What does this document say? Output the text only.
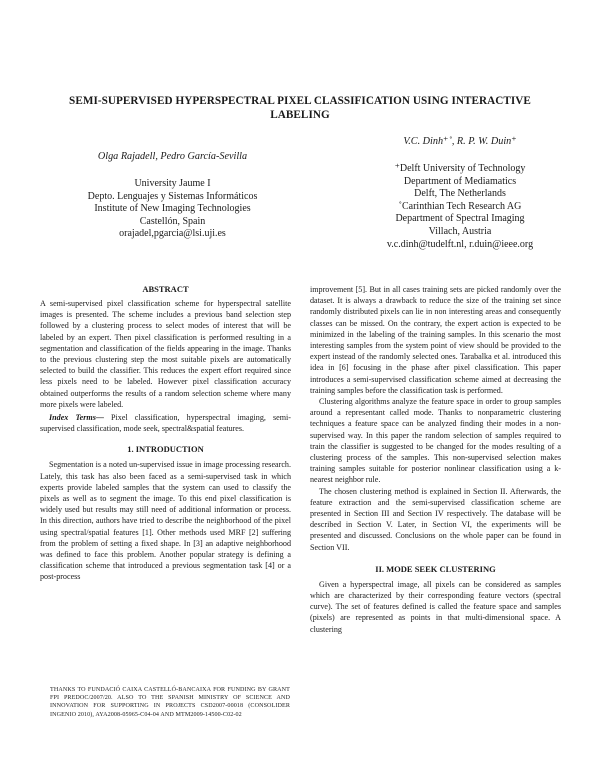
SEMI-SUPERVISED HYPERSPECTRAL PIXEL CLASSIFICATION USING INTERACTIVE LABELING
Olga Rajadell, Pedro García-Sevilla
University Jaume I
Depto. Lenguajes y Sistemas Informáticos
Institute of New Imaging Technologies
Castellón, Spain
orajadel,pgarcia@lsi.uji.es
V.C. Dinh⁺˚, R. P. W. Duin⁺
⁺Delft University of Technology
Department of Mediamatics
Delft, The Netherlands
˚Carinthian Tech Research AG
Department of Spectral Imaging
Villach, Austria
v.c.dinh@tudelft.nl, r.duin@ieee.org
ABSTRACT

A semi-supervised pixel classification scheme for hyperspectral satellite images is presented. The scheme includes a previous band selection step followed by a clustering process to select modes of interest that will be labeled by an expert. Then pixel classification is performed resulting in a segmentation and classification of the fields appearing in the image. Thanks to the previous clustering step the most suitable pixels are automatically selected to build the classifier. This reduces the expert effort required since less pixels need to be labeled. However pixel classification accuracy obtained outperforms the results of a random selection scheme where many more pixels were labeled.

Index Terms— Pixel classification, hyperspectral imaging, semi-supervised classification, mode seek, spectral&spatial features.

1. INTRODUCTION

Segmentation is a noted un-supervised issue in image processing research. Lately, this task has also been faced as a semi-supervised task in which experts provide labeled samples that the system can used to classify the pixels as well as to segment the image. To this end pixel classification is widely used but results may still need of additional information or process. In this direction, authors have tried to describe the neighborhood of the pixel using spectral/spatial features [1]. Other methods used MRF [2] suffering from the problem of setting a fixed shape. In [3] an adaptive neighborhood was defined to face this problem. Another popular strategy is defining a classification scheme that introduced a previous segmentation task [4] or a post-process

THANKS TO FUNDACIÓ CAIXA CASTELLÓ-BANCAIXA FOR FUNDING BY GRANT FPI PREDOC/2007/20. ALSO TO THE SPANISH MINISTRY OF SCIENCE AND INNOVATION FOR SUPPORTING IN PROJECTS CSD2007-00018 (CONSOLIDER INGENIO 2010), AYA2008-05965-C04-04 AND MTM2009-14500-C02-02

improvement [5]. But in all cases training sets are picked randomly over the dataset. It is always a drawback to reduce the size of the training set since randomly distributed pixels can lie in non interesting areas and consequently classes can be missed. On the contrary, the expert action is expected to be minimized in the labeling of the training samples. In this scenario the most interesting samples from the system point of view should be provided to the expert instead of the randomly selected ones. Tarabalka et al. introduced this idea in [6] focusing in the phase after pixel classification. This paper introduces a semi-supervised classification scheme aimed at decreasing the training samples before the classification task is performed.

Clustering algorithms analyze the feature space in order to group samples around a representant called mode. Thanks to nonparametric clustering techniques a feature space can be analyzed finding their modes in a non-supervised way. In this paper the random selection of samples required to train the classifier is suggested to be changed for the modes resulting of a clustering process of the samples. This non-supervised selection makes training samples suitable for posterior nonlinear classification using a k-nearest neighbor rule.

The chosen clustering method is explained in Section II. Afterwards, the feature extraction and the semi-supervised classification scheme are presented in Section III and Section IV respectively. The database will be described in Section V. Later, in Section VI, the experiments will be presented and discussed. Conclusions on the whole paper can be found in Section VII.

II. MODE SEEK CLUSTERING

Given a hyperspectral image, all pixels can be considered as samples which are characterized by their corresponding feature vectors (spectral curve). The set of features defined is called the feature space and samples (pixels) are represented as points in that multi-dimensional space. A clustering
